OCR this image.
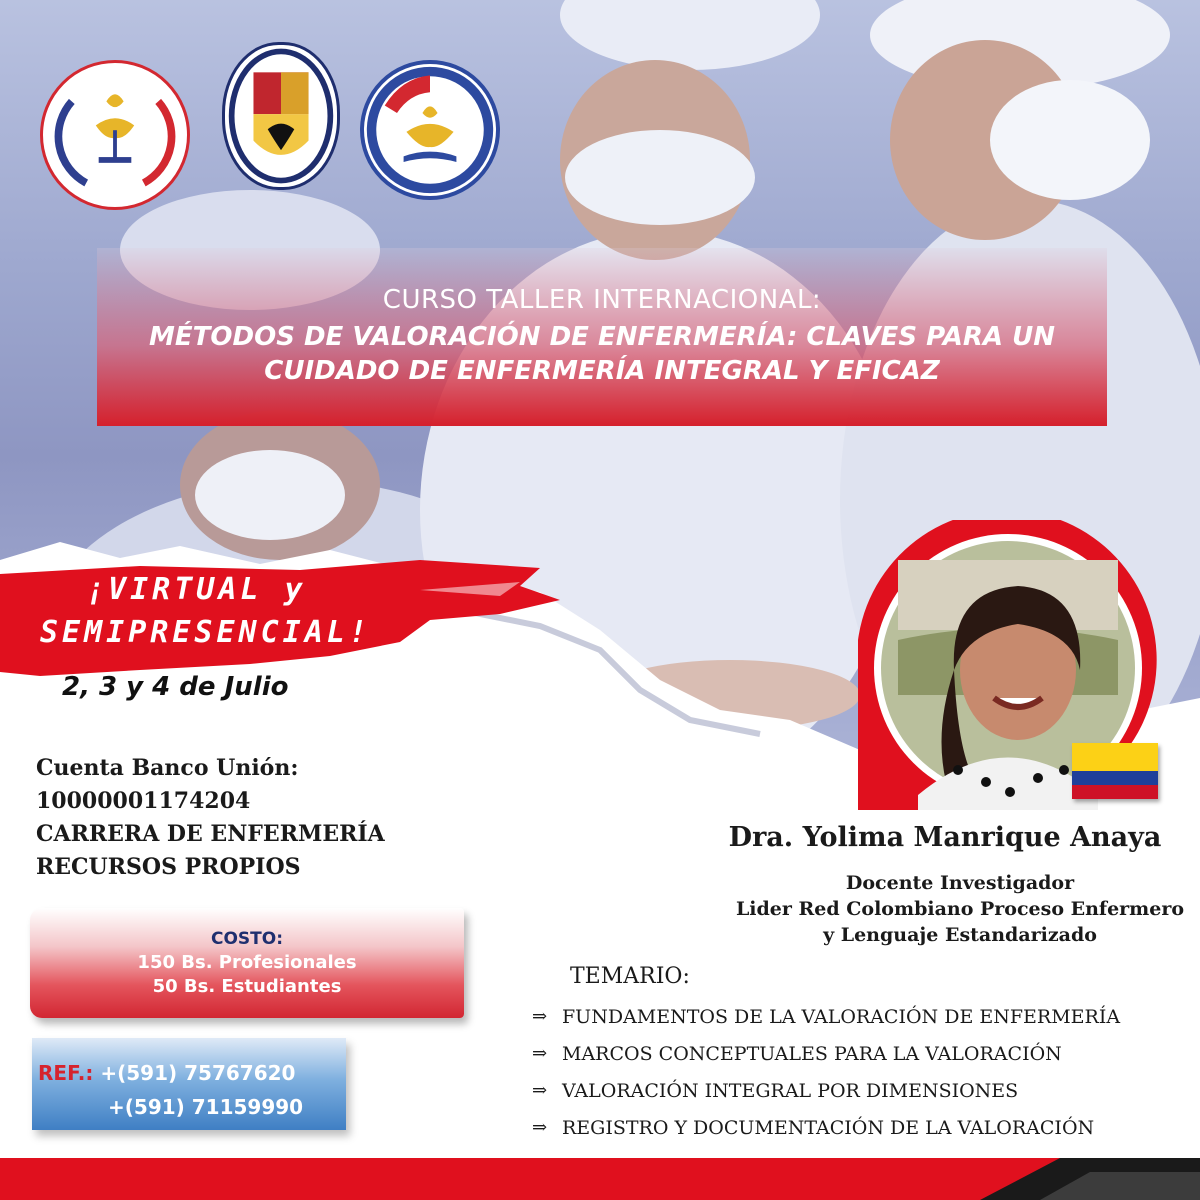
CURSO TALLER INTERNACIONAL:
MÉTODOS DE VALORACIÓN DE ENFERMERÍA: CLAVES PARA UN
CUIDADO DE ENFERMERÍA INTEGRAL Y EFICAZ
¡VIRTUAL y
SEMIPRESENCIAL!
2, 3 y 4 de Julio
Cuenta Banco Unión:
10000001174204
CARRERA DE ENFERMERÍA
RECURSOS PROPIOS
COSTO:
150 Bs. Profesionales
50 Bs. Estudiantes
REF.: +(591) 75767620
+(591) 71159990
Dra. Yolima Manrique Anaya
Docente Investigador
Lider Red Colombiano Proceso Enfermero
y Lenguaje Estandarizado
TEMARIO:
⇒ FUNDAMENTOS DE LA VALORACIÓN DE ENFERMERÍA
⇒ MARCOS CONCEPTUALES PARA LA VALORACIÓN
⇒ VALORACIÓN INTEGRAL POR DIMENSIONES
⇒ REGISTRO Y DOCUMENTACIÓN DE LA VALORACIÓN
